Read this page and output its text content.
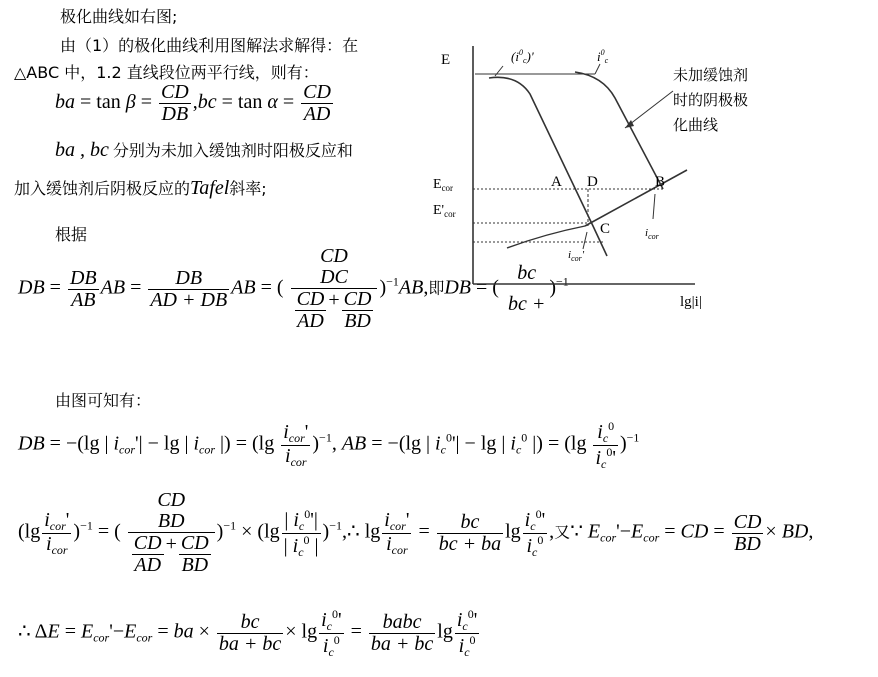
极化曲线如右图;
由（1）的极化曲线利用图解法求解得：在
△ABC 中，1.2 直线段位两平行线，则有：
ba = $\tan \beta = \frac{CD}{DB} ,bc = \tan \alpha = \frac{CD}{AD}$
ba , bc 分别为未加入缓蚀剂时阳极反应和
加入缓蚀剂后阴极反应的Tafel斜率;
根据
DB = $\frac{DB}{AB}$ AB = $\frac{DB}{AD + DB}$ AB = ( CD
DC
$\frac{CD}{AD} + \frac{CD}{BD} )^{-1}AB$,即DB = (
bc
bc +
)$^{-1}$
E
lg|i|
$E_{cor}$
$E'_{cor}$
A D	B
C
$(i^0_c)'$	$i^0_c$
$i_{cor}$
$i_{cor}'$
未加缓蚀剂
时的阴极极
化曲线
由图可知有：
DB = −(lg | $i_{cor}'| - \lg$ | $i_{cor}$ |) = $(\lg \frac{i_{cor}'}{i_{cor}} )^{-1}$, AB = −(lg | $i_c^0'| - \lg$ | $i_c^0$ |) = $(\lg \frac{i_c^0}{i_c^0'} )^{-1}$
$(\lg \frac{i_{cor}'}{i_{cor}} )^{-1}$ = ( CD
BD
$\frac{CD}{AD} + \frac{CD}{BD} )^{-1} \times (\lg \frac{| i_c^0'|}{| i_c^0 |}$ )$^{-1}$,∴ $\lg \frac{i_{cor}'}{i_{cor}} = \frac{bc}{bc + ba}$ $\lg \frac{i_c^0'}{i_c^0}$ ,又∵ $E_{cor}'-E_{cor}$ = CD = $\frac{CD}{BD}$ × BD,
∴ $\Delta E = E_{cor}'-E_{cor}$ = ba × $\frac{bc}{ba + bc} \times \lg \frac{i_c^0'}{i_c^0} = \frac{\text{babc}}{ba + bc}$ $\lg \frac{i_c^0'}{i_c^0}$
